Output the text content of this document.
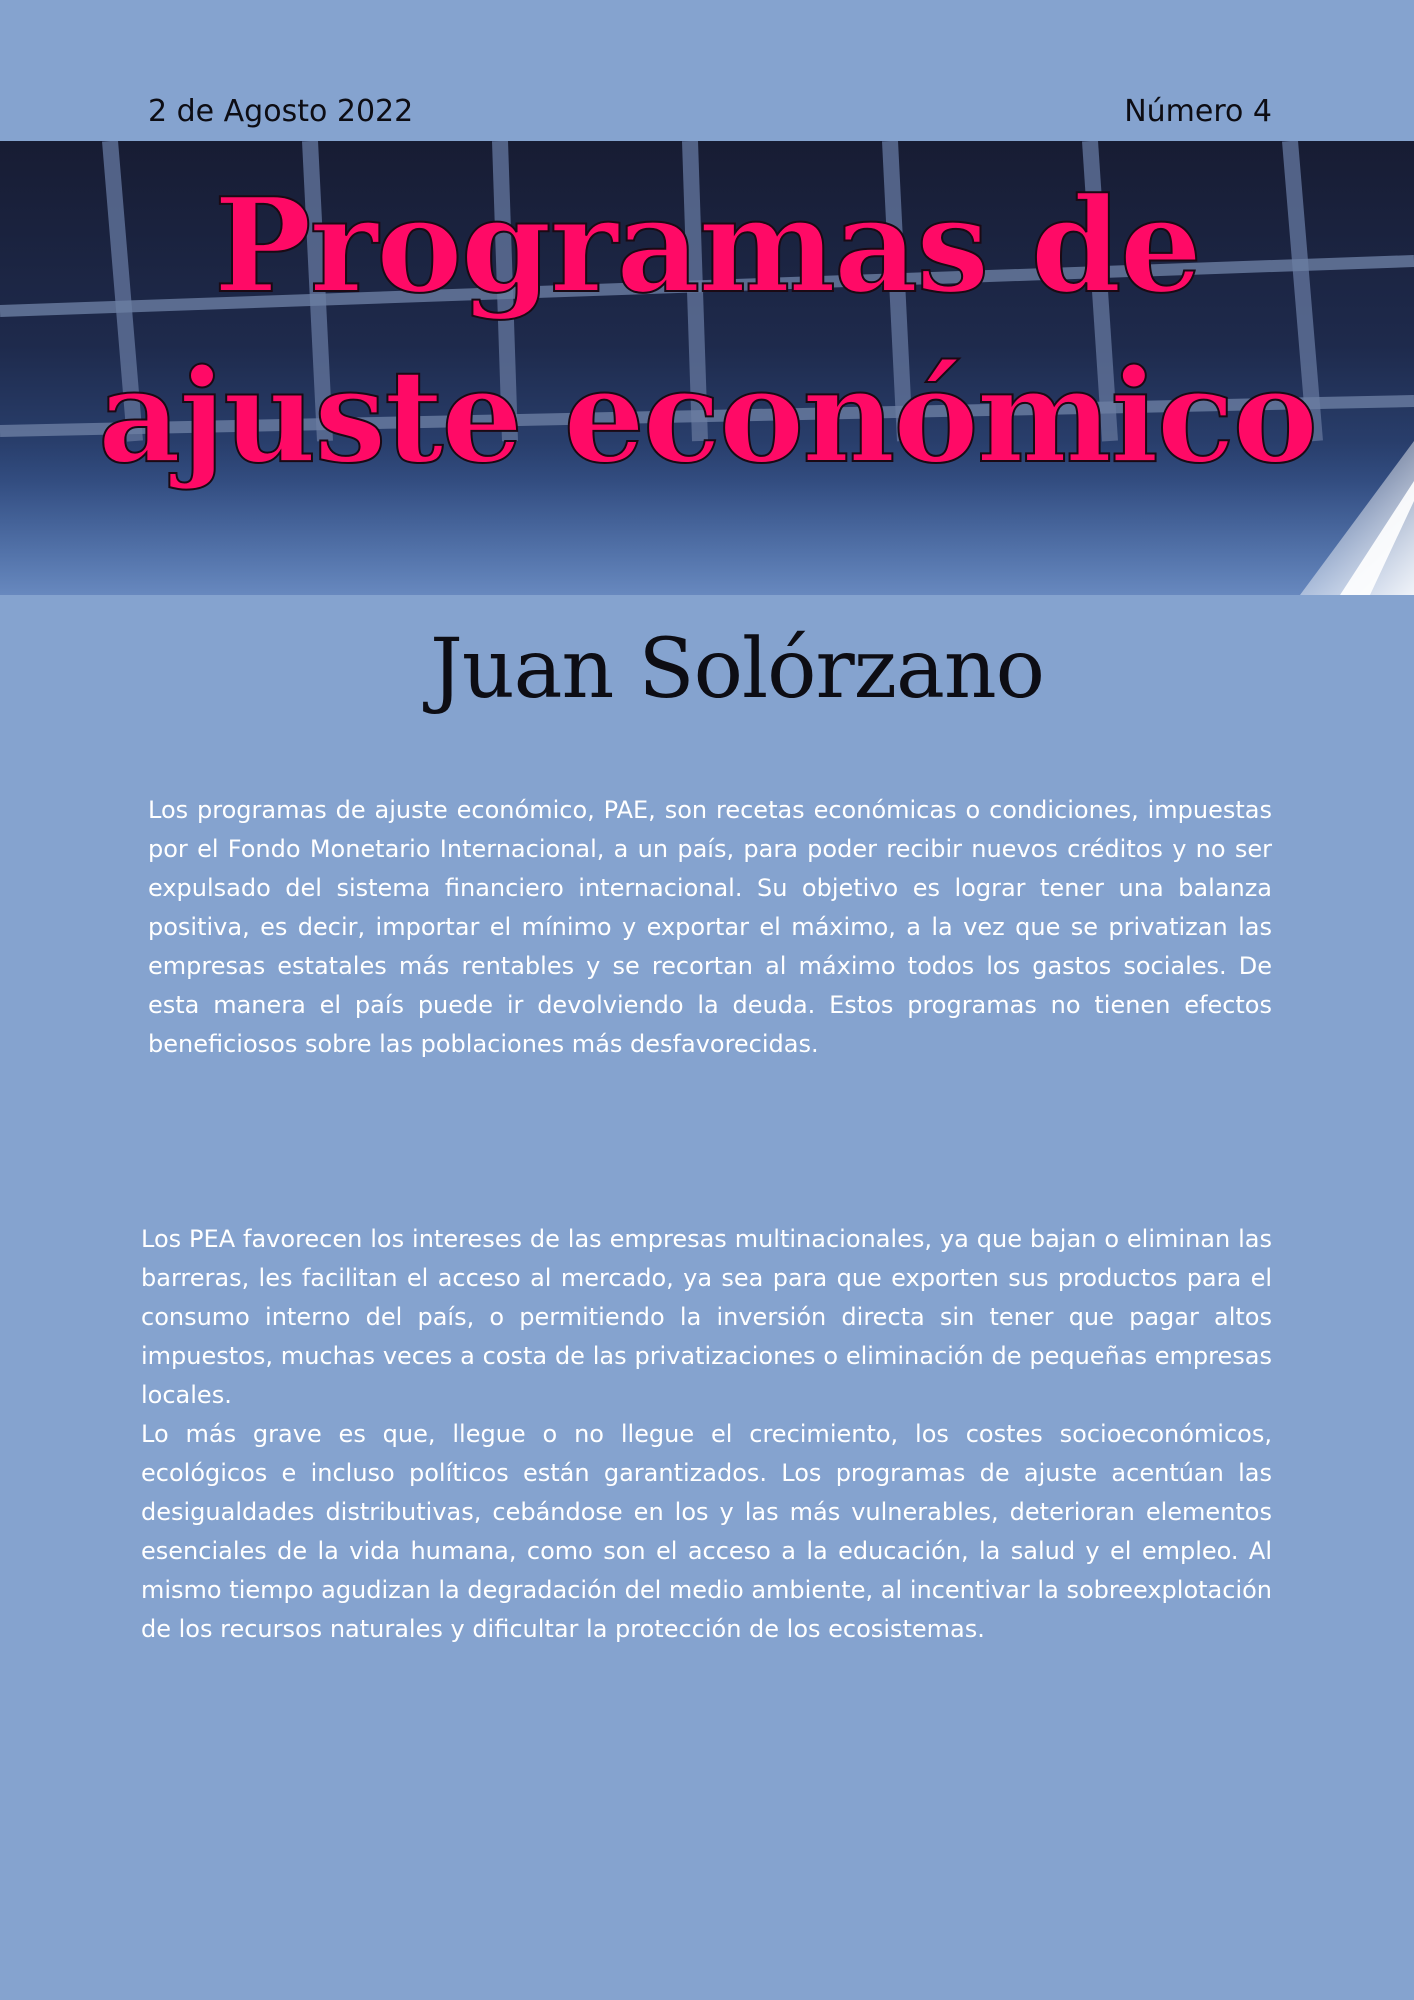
2 de Agosto 2022	Número 4
Programas de
ajuste económico
Juan Solórzano

Los programas de ajuste económico, PAE, son recetas económicas o condiciones, impuestas por el Fondo Monetario Internacional, a un país, para poder recibir nuevos créditos y no ser expulsado del sistema financiero internacional. Su objetivo es lograr tener una balanza positiva, es decir, importar el mínimo y exportar el máximo, a la vez que se privatizan las empresas estatales más rentables y se recortan al máximo todos los gastos sociales. De esta manera el país puede ir devolviendo la deuda. Estos programas no tienen efectos beneficiosos sobre las poblaciones más desfavorecidas.

Los PEA favorecen los intereses de las empresas multinacionales, ya que bajan o eliminan las barreras, les facilitan el acceso al mercado, ya sea para que exporten sus productos para el consumo interno del país, o permitiendo la inversión directa sin tener que pagar altos impuestos, muchas veces a costa de las privatizaciones o eliminación de pequeñas empresas locales.

Lo más grave es que, llegue o no llegue el crecimiento, los costes socioeconómicos, ecológicos e incluso políticos están garantizados. Los programas de ajuste acentúan las desigualdades distributivas, cebándose en los y las más vulnerables, deterioran elementos esenciales de la vida humana, como son el acceso a la educación, la salud y el empleo. Al mismo tiempo agudizan la degradación del medio ambiente, al incentivar la sobreexplotación de los recursos naturales y dificultar la protección de los ecosistemas.
